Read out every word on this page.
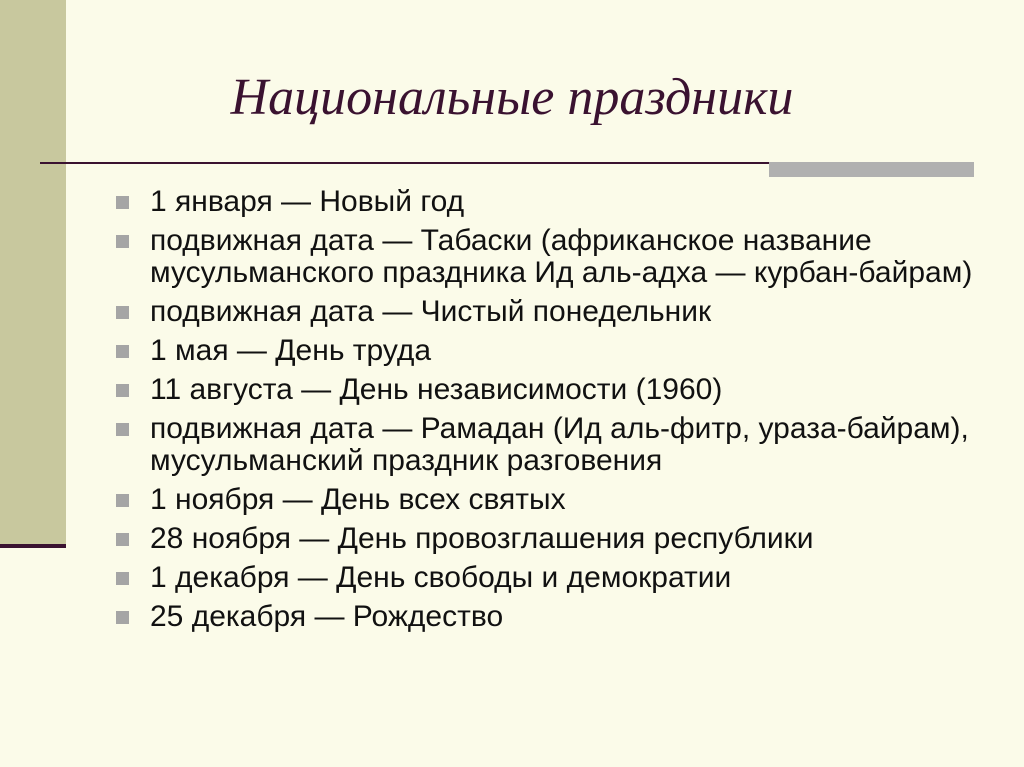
Национальные праздники
1 января — Новый год
подвижная дата — Табаски (африканское название мусульманского праздника Ид аль-адха — курбан-байрам)
подвижная дата — Чистый понедельник
1 мая — День труда
11 августа — День независимости (1960)
подвижная дата — Рамадан (Ид аль-фитр, ураза-байрам), мусульманский праздник разговения
1 ноября — День всех святых
28 ноября — День провозглашения республики
1 декабря — День свободы и демократии
25 декабря — Рождество
